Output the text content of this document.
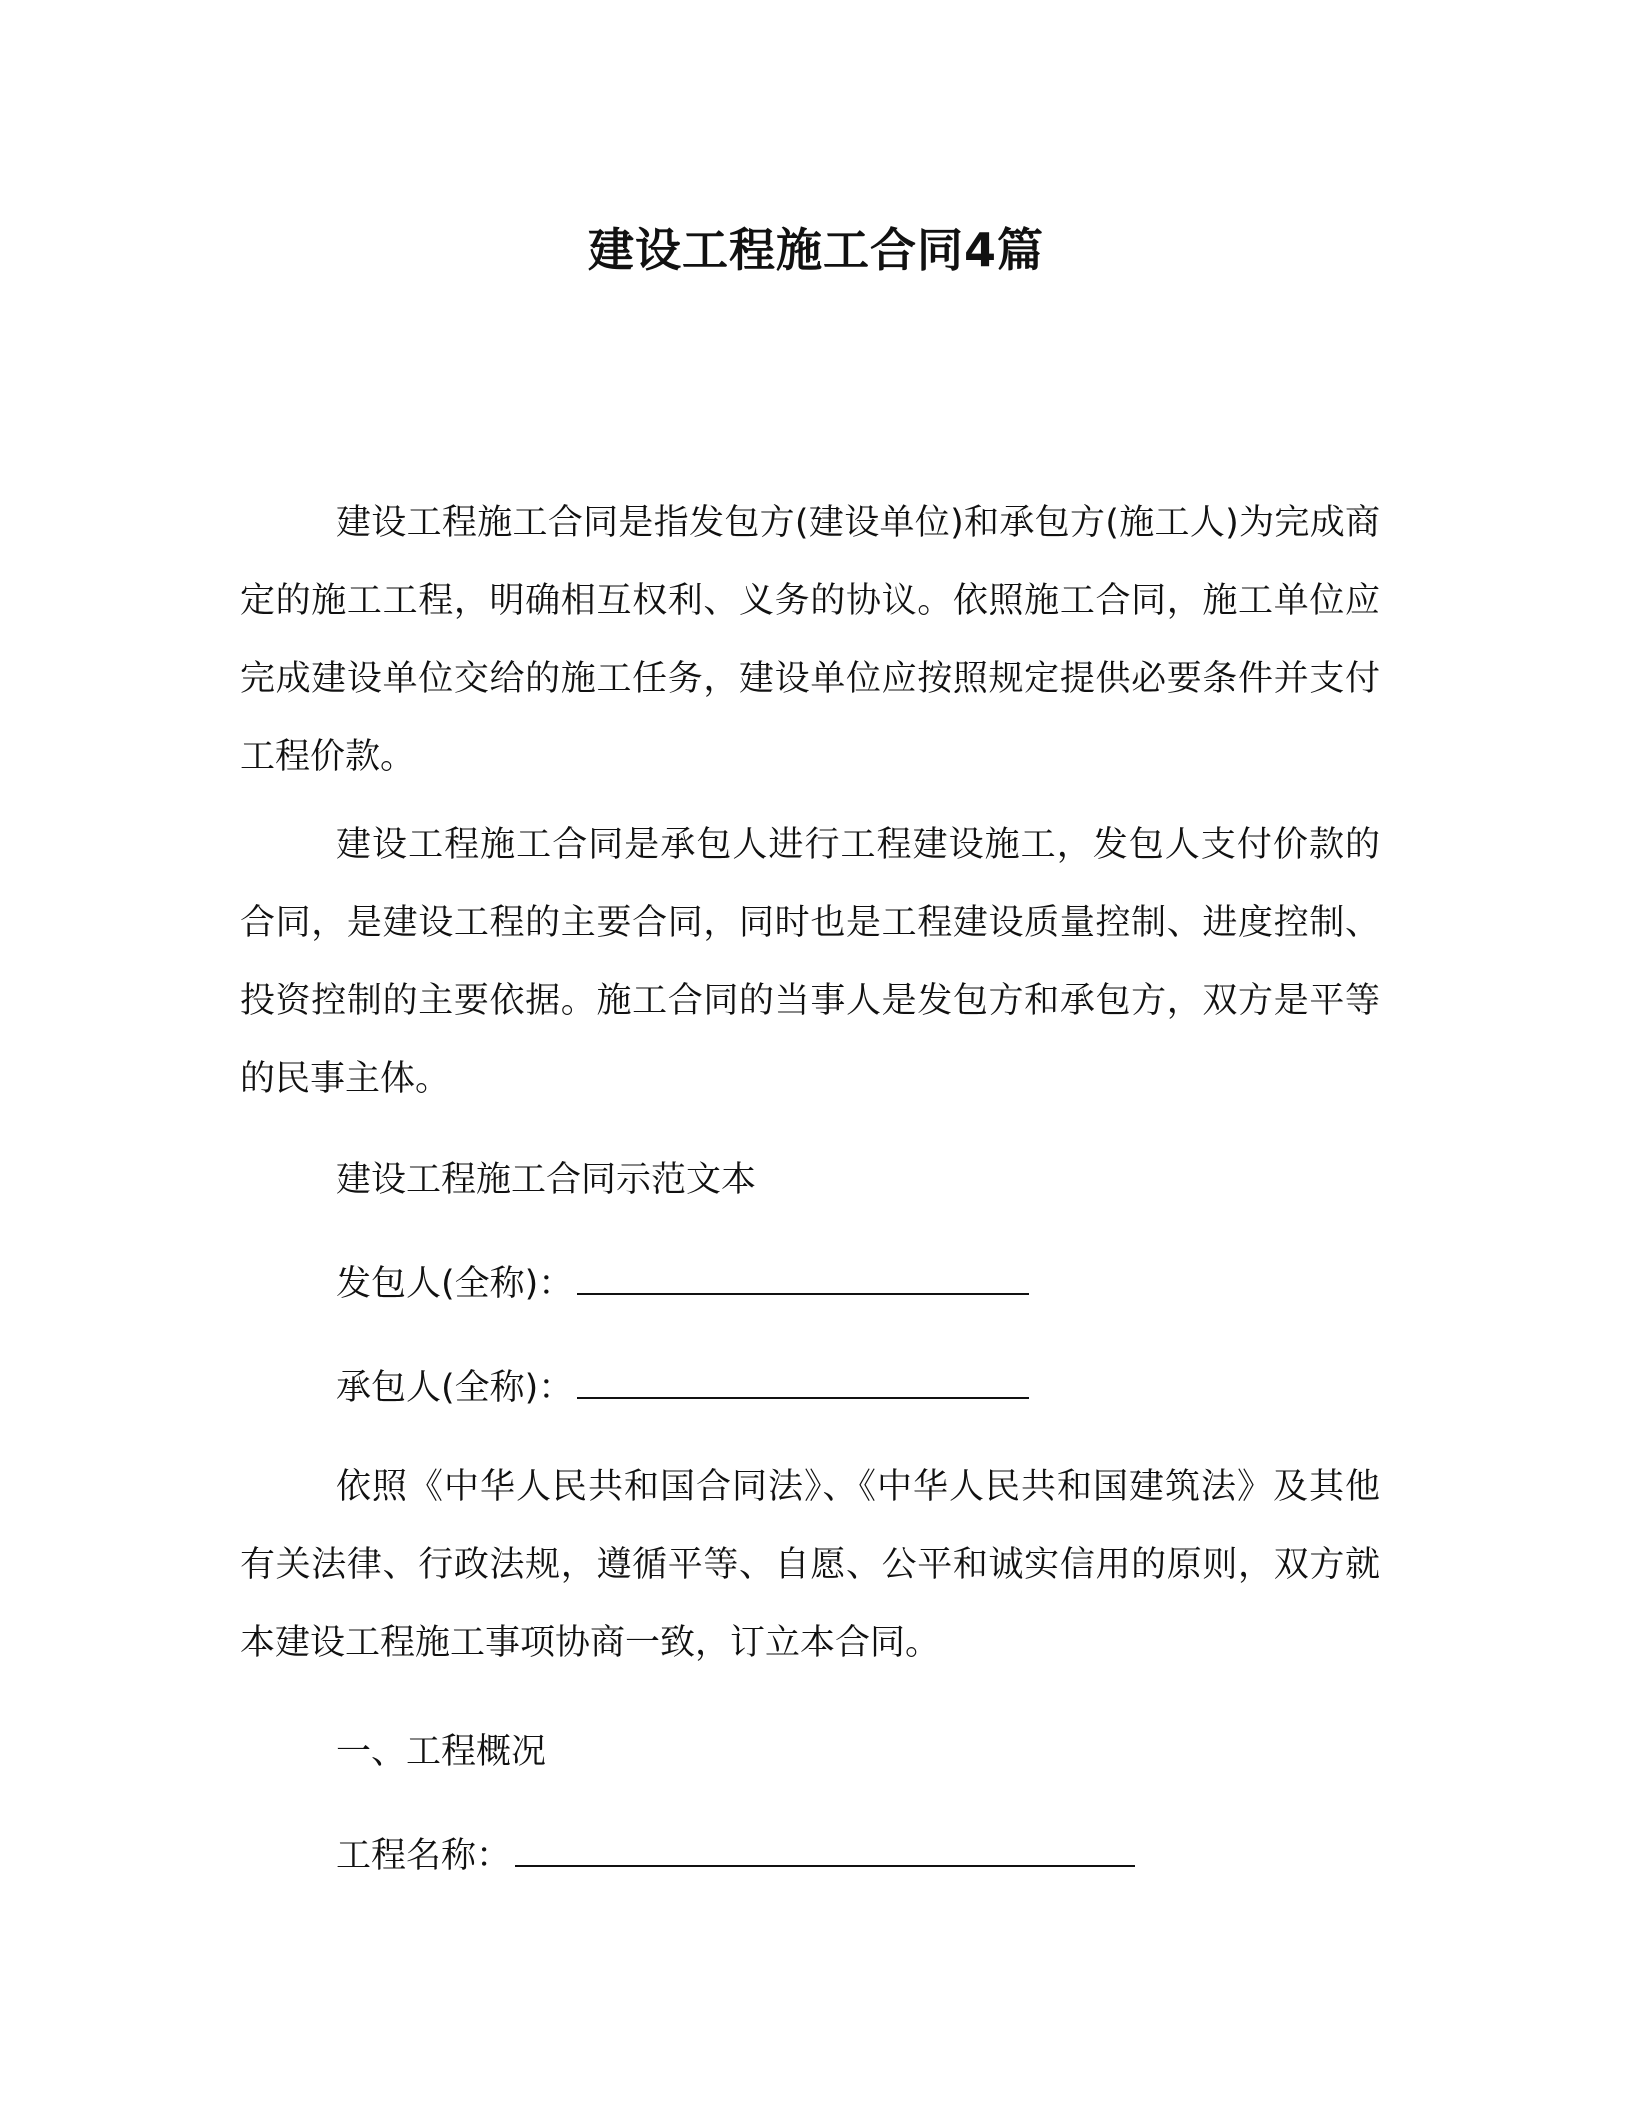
建设工程施工合同4篇

建设工程施工合同是指发包方(建设单位)和承包方(施工人)为完成商定的施工工程，明确相互权利、义务的协议。依照施工合同，施工单位应完成建设单位交给的施工任务，建设单位应按照规定提供必要条件并支付工程价款。

建设工程施工合同是承包人进行工程建设施工，发包人支付价款的合同，是建设工程的主要合同，同时也是工程建设质量控制、进度控制、投资控制的主要依据。施工合同的当事人是发包方和承包方，双方是平等的民事主体。

建设工程施工合同示范文本
发包人(全称)：
承包人(全称)：

依照《中华人民共和国合同法》、《中华人民共和国建筑法》及其他有关法律、行政法规，遵循平等、自愿、公平和诚实信用的原则，双方就本建设工程施工事项协商一致，订立本合同。

一、工程概况
工程名称：
